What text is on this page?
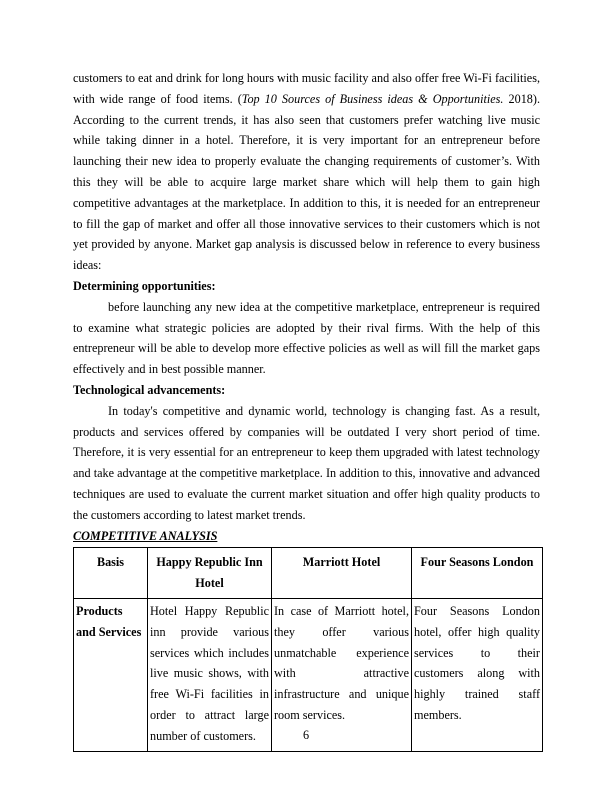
customers to eat and drink for long hours with music facility and also offer free Wi-Fi facilities, with wide range of food items. (Top 10 Sources of Business ideas & Opportunities. 2018). According to the current trends, it has also seen that customers prefer watching live music while taking dinner in a hotel. Therefore, it is very important for an entrepreneur before launching their new idea to properly evaluate the changing requirements of customer’s. With this they will be able to acquire large market share which will help them to gain high competitive advantages at the marketplace. In addition to this, it is needed for an entrepreneur to fill the gap of market and offer all those innovative services to their customers which is not yet provided by anyone. Market gap analysis is discussed below in reference to every business ideas:

Determining opportunities:

before launching any new idea at the competitive marketplace, entrepreneur is required to examine what strategic policies are adopted by their rival firms. With the help of this entrepreneur will be able to develop more effective policies as well as will fill the market gaps effectively and in best possible manner.

Technological advancements:

In today's competitive and dynamic world, technology is changing fast. As a result, products and services offered by companies will be outdated I very short period of time. Therefore, it is very essential for an entrepreneur to keep them upgraded with latest technology and take advantage at the competitive marketplace. In addition to this, innovative and advanced techniques are used to evaluate the current market situation and offer high quality products to the customers according to latest market trends.

COMPETITIVE ANALYSIS

Basis	Happy Republic Inn Hotel	Marriott Hotel	Four Seasons London
Products and Services	Hotel Happy Republic inn provide various services which includes live music shows, with free Wi-Fi facilities in order to attract large number of customers.	In case of Marriott hotel, they offer various unmatchable experience with attractive infrastructure and unique room services.	Four Seasons London hotel, offer high quality services to their customers along with highly trained staff members.
6
